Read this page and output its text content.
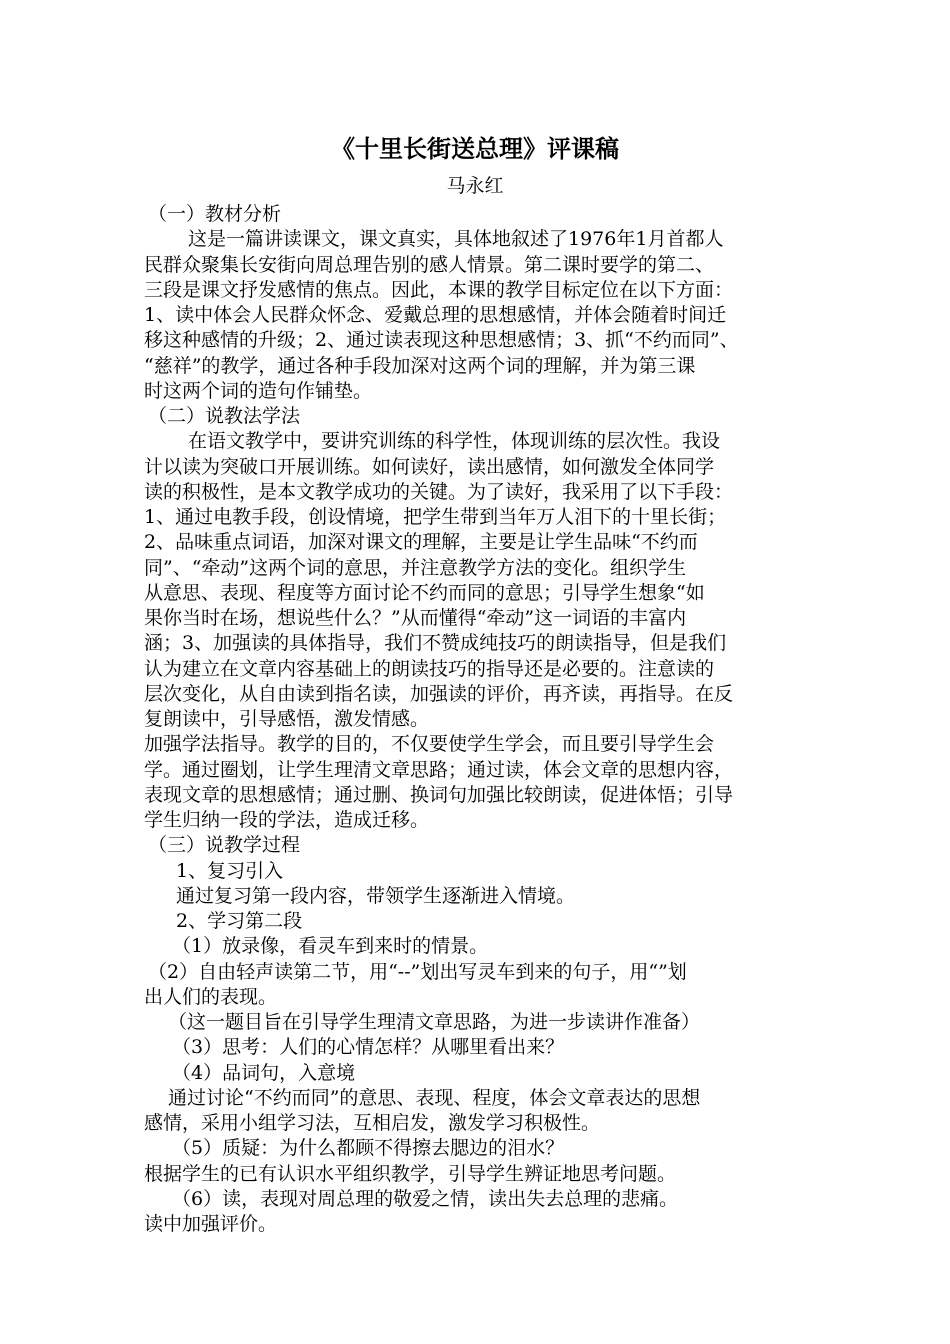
《十里长街送总理》评课稿
马永红
（一）教材分析
这是一篇讲读课文，课文真实，具体地叙述了1976年1月首都人
民群众聚集长安街向周总理告别的感人情景。第二课时要学的第二、
三段是课文抒发感情的焦点。因此，本课的教学目标定位在以下方面：
1、读中体会人民群众怀念、爱戴总理的思想感情，并体会随着时间迁
移这种感情的升级；2、通过读表现这种思想感情；3、抓“不约而同”、
“慈祥”的教学，通过各种手段加深对这两个词的理解，并为第三课
时这两个词的造句作铺垫。
（二）说教法学法
在语文教学中，要讲究训练的科学性，体现训练的层次性。我设
计以读为突破口开展训练。如何读好，读出感情，如何激发全体同学
读的积极性，是本文教学成功的关键。为了读好，我采用了以下手段：
1、通过电教手段，创设情境，把学生带到当年万人泪下的十里长街；
2、品味重点词语，加深对课文的理解，主要是让学生品味“不约而
同”、“牵动”这两个词的意思，并注意教学方法的变化。组织学生
从意思、表现、程度等方面讨论不约而同的意思；引导学生想象“如
果你当时在场，想说些什么？”从而懂得“牵动”这一词语的丰富内
涵；3、加强读的具体指导，我们不赞成纯技巧的朗读指导，但是我们
认为建立在文章内容基础上的朗读技巧的指导还是必要的。注意读的
层次变化，从自由读到指名读，加强读的评价，再齐读，再指导。在反
复朗读中，引导感悟，激发情感。
加强学法指导。教学的目的，不仅要使学生学会，而且要引导学生会
学。通过圈划，让学生理清文章思路；通过读，体会文章的思想内容，
表现文章的思想感情；通过删、换词句加强比较朗读，促进体悟；引导
学生归纳一段的学法，造成迁移。
（三）说教学过程
1、复习引入
通过复习第一段内容，带领学生逐渐进入情境。
2、学习第二段
（1）放录像，看灵车到来时的情景。
（2）自由轻声读第二节，用“--”划出写灵车到来的句子，用“”划
出人们的表现。
（这一题目旨在引导学生理清文章思路，为进一步读讲作准备）
（3）思考：人们的心情怎样？从哪里看出来？
（4）品词句，入意境
通过讨论“不约而同”的意思、表现、程度，体会文章表达的思想
感情，采用小组学习法，互相启发，激发学习积极性。
（5）质疑：为什么都顾不得擦去腮边的泪水？
根据学生的已有认识水平组织教学，引导学生辨证地思考问题。
（6）读，表现对周总理的敬爱之情，读出失去总理的悲痛。
读中加强评价。
